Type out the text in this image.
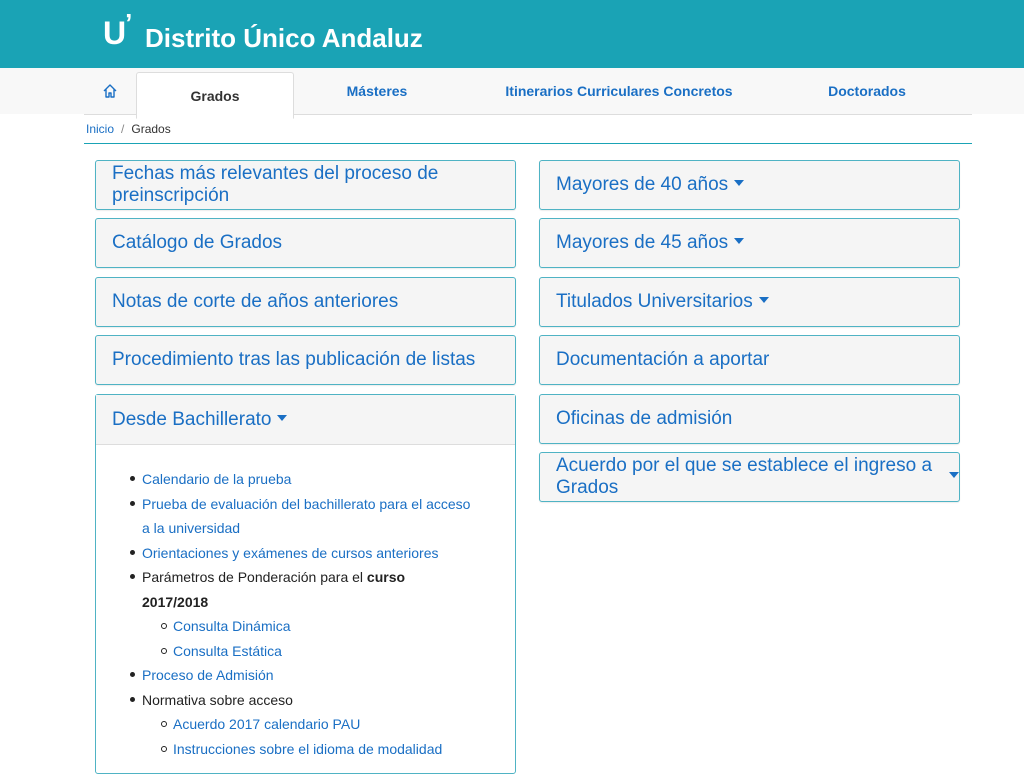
U’ Distrito Único Andaluz
Grados	Másteres	Itinerarios Curriculares Concretos	Doctorados
Inicio / Grados
Fechas más relevantes del proceso de preinscripción
Catálogo de Grados
Notas de corte de años anteriores
Procedimiento tras las publicación de listas
Desde Bachillerato
Calendario de la prueba
Prueba de evaluación del bachillerato para el acceso a la universidad
Orientaciones y exámenes de cursos anteriores
Parámetros de Ponderación para el curso 2017/2018
Consulta Dinámica
Consulta Estática
Proceso de Admisión
Normativa sobre acceso
Acuerdo 2017 calendario PAU
Instrucciones sobre el idioma de modalidad
Mayores de 40 años
Mayores de 45 años
Titulados Universitarios
Documentación a aportar
Oficinas de admisión
Acuerdo por el que se establece el ingreso a Grados
